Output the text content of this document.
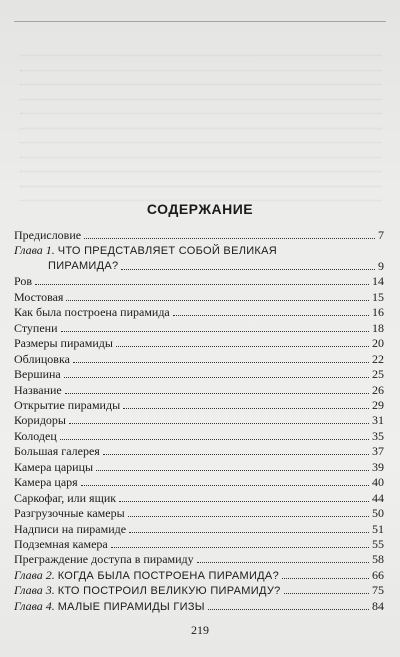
СОДЕРЖАНИЕ
Предисловие	7
Глава 1. ЧТО ПРЕДСТАВЛЯЕТ СОБОЙ ВЕЛИКАЯ
ПИРАМИДА?	9
Ров	14
Мостовая	15
Как была построена пирамида	16
Ступени	18
Размеры пирамиды	20
Облицовка	22
Вершина	25
Название	26
Открытие пирамиды	29
Коридоры	31
Колодец	35
Большая галерея	37
Камера царицы	39
Камера царя	40
Саркофаг, или ящик	44
Разгрузочные камеры	50
Надписи на пирамиде	51
Подземная камера	55
Преграждение доступа в пирамиду	58
Глава 2. КОГДА БЫЛА ПОСТРОЕНА ПИРАМИДА?	66
Глава 3. КТО ПОСТРОИЛ ВЕЛИКУЮ ПИРАМИДУ?	75
Глава 4. МАЛЫЕ ПИРАМИДЫ ГИЗЫ	84
219
